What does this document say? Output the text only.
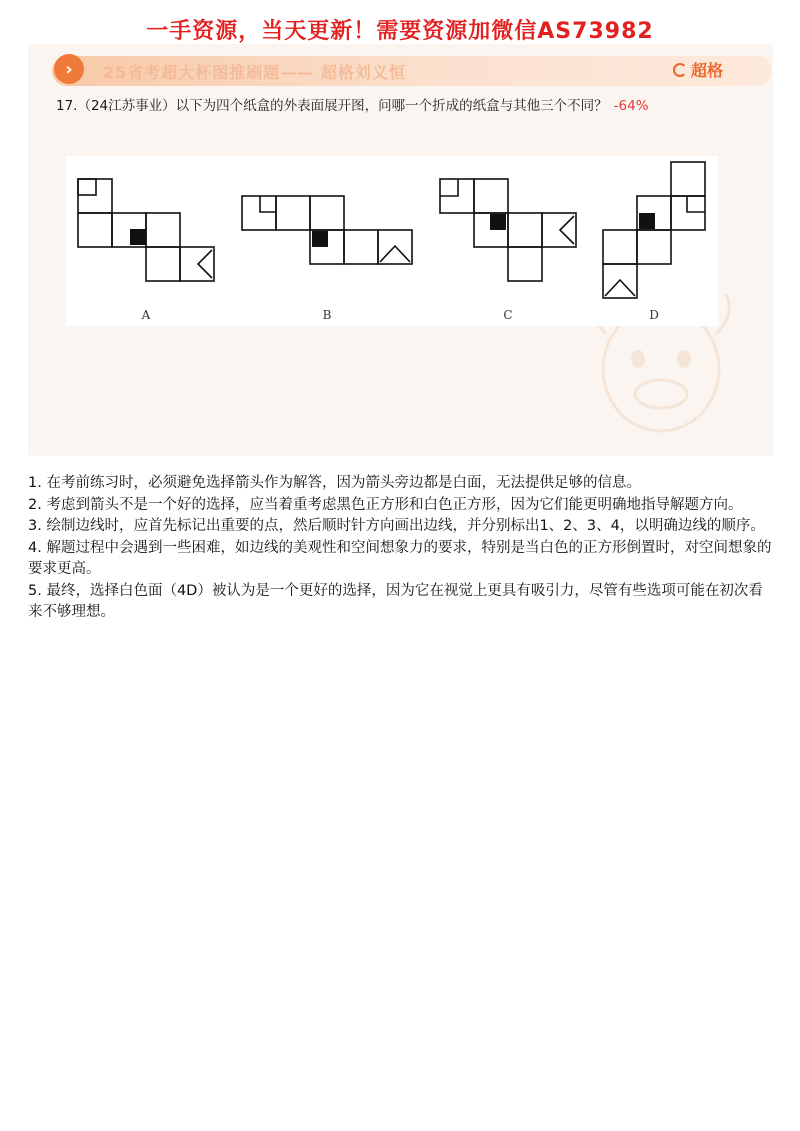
一手资源，当天更新！需要资源加微信AS73982
›	25省考超大杯图推刷题—— 超格刘义恒	超格
17.（24江苏事业）以下为四个纸盒的外表面展开图，问哪一个折成的纸盒与其他三个不同？ -64%
A	B	C	D

1. 在考前练习时，必须避免选择箭头作为解答，因为箭头旁边都是白面，无法提供足够的信息。

2. 考虑到箭头不是一个好的选择，应当着重考虑黑色正方形和白色正方形，因为它们能更明确地指导解题方向。

3. 绘制边线时，应首先标记出重要的点，然后顺时针方向画出边线，并分别标出1、2、3、4，以明确边线的顺序。

4. 解题过程中会遇到一些困难，如边线的美观性和空间想象力的要求，特别是当白色的正方形倒置时，对空间想象的要求更高。

5. 最终，选择白色面（4D）被认为是一个更好的选择，因为它在视觉上更具有吸引力，尽管有些选项可能在初次看来不够理想。
